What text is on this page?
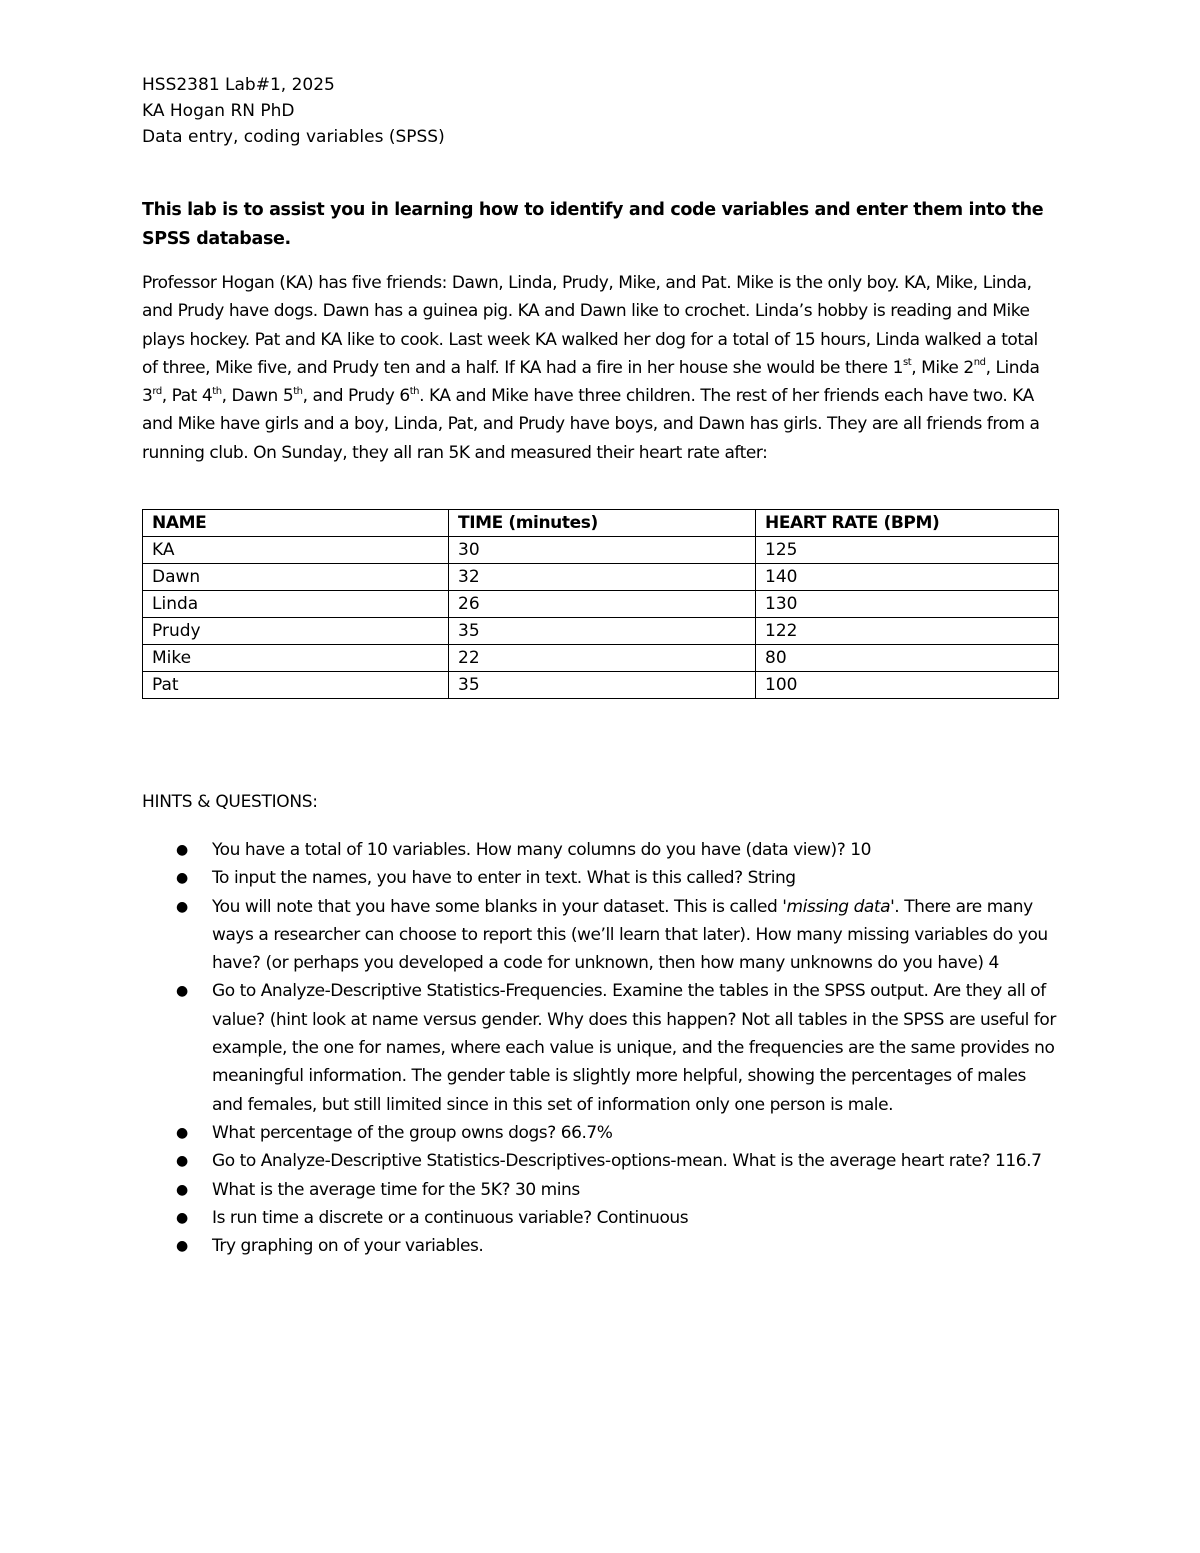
HSS2381 Lab#1, 2025

KA Hogan RN PhD

Data entry, coding variables (SPSS)

This lab is to assist you in learning how to identify and code variables and enter them into the SPSS database.

Professor Hogan (KA) has five friends: Dawn, Linda, Prudy, Mike, and Pat. Mike is the only boy. KA, Mike, Linda, and Prudy have dogs. Dawn has a guinea pig. KA and Dawn like to crochet. Linda’s hobby is reading and Mike plays hockey. Pat and KA like to cook. Last week KA walked her dog for a total of 15 hours, Linda walked a total of three, Mike five, and Prudy ten and a half. If KA had a fire in her house she would be there 1st, Mike 2nd, Linda 3rd, Pat 4th, Dawn 5th, and Prudy 6th. KA and Mike have three children. The rest of her friends each have two. KA and Mike have girls and a boy, Linda, Pat, and Prudy have boys, and Dawn has girls. They are all friends from a running club. On Sunday, they all ran 5K and measured their heart rate after:

NAME	TIME (minutes)	HEART RATE (BPM)
KA	30	125
Dawn	32	140
Linda	26	130
Prudy	35	122
Mike	22	80
Pat	35	100

HINTS & QUESTIONS:

● You have a total of 10 variables. How many columns do you have (data view)? 10
● To input the names, you have to enter in text. What is this called? String
● You will note that you have some blanks in your dataset. This is called 'missing data'. There are many ways a researcher can choose to report this (we’ll learn that later). How many missing variables do you have? (or perhaps you developed a code for unknown, then how many unknowns do you have) 4
● Go to Analyze-Descriptive Statistics-Frequencies. Examine the tables in the SPSS output. Are they all of value? (hint look at name versus gender. Why does this happen? Not all tables in the SPSS are useful for example, the one for names, where each value is unique, and the frequencies are the same provides no meaningful information. The gender table is slightly more helpful, showing the percentages of males and females, but still limited since in this set of information only one person is male.
● What percentage of the group owns dogs? 66.7%
● Go to Analyze-Descriptive Statistics-Descriptives-options-mean. What is the average heart rate? 116.7
● What is the average time for the 5K? 30 mins
● Is run time a discrete or a continuous variable? Continuous
● Try graphing on of your variables.
